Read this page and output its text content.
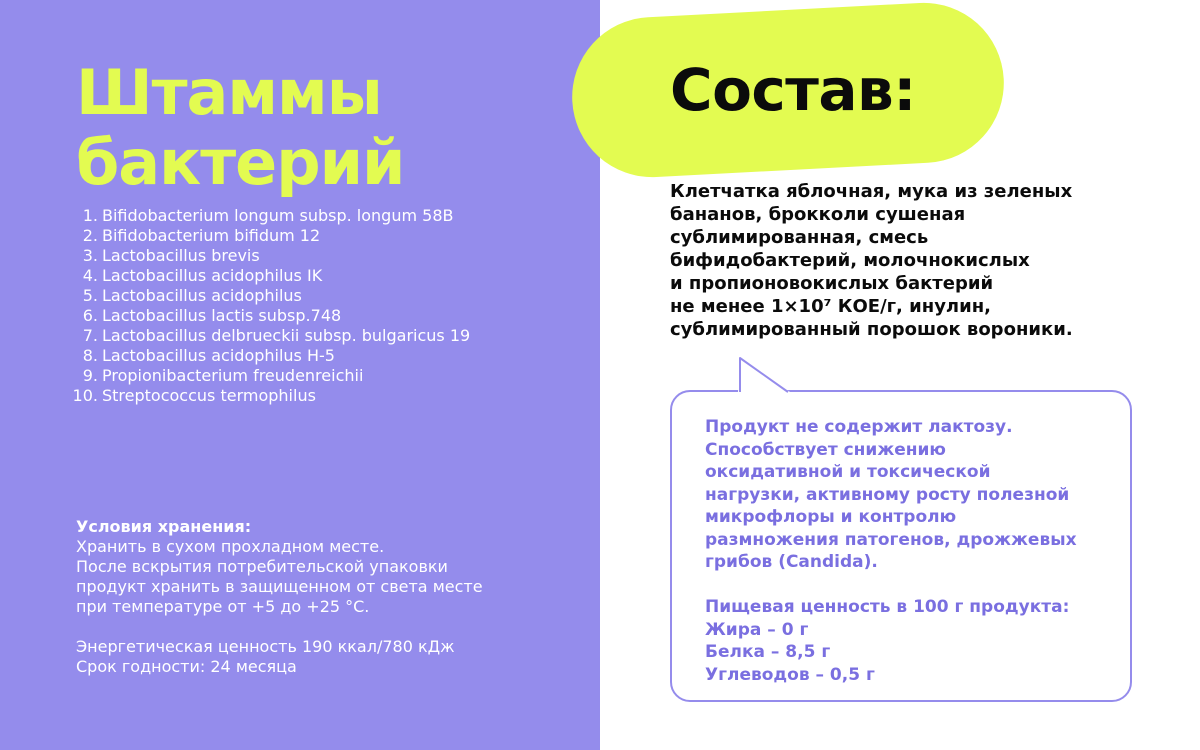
Штаммы
бактерий
1. Bifidobacterium longum subsp. longum 58B
2. Bifidobacterium bifidum 12
3. Lactobacillus brevis
4. Lactobacillus acidophilus IK
5. Lactobacillus acidophilus
6. Lactobacillus lactis subsp.748
7. Lactobacillus delbrueckii subsp. bulgaricus 19
8. Lactobacillus acidophilus H-5
9. Propionibacterium freudenreichii
10. Streptococcus termophilus

Условия хранения:

Хранить в сухом прохладном месте.

После вскрытия потребительской упаковки

продукт хранить в защищенном от света месте

при температуре от +5 до +25 °С.

Энергетическая ценность 190 ккал/780 кДж

Срок годности: 24 месяца

Состав:
Клетчатка яблочная, мука из зеленых
бананов, брокколи сушеная
сублимированная, смесь
бифидобактерий, молочнокислых
и пропионовокислых бактерий
не менее 1×10⁷ КОЕ/г, инулин,
сублимированный порошок вороники.
Продукт не содержит лактозу.
Способствует снижению
оксидативной и токсической
нагрузки, активному росту полезной
микрофлоры и контролю
размножения патогенов, дрожжевых
грибов (Candida).
Пищевая ценность в 100 г продукта:
Жира – 0 г
Белка – 8,5 г
Углеводов – 0,5 г
